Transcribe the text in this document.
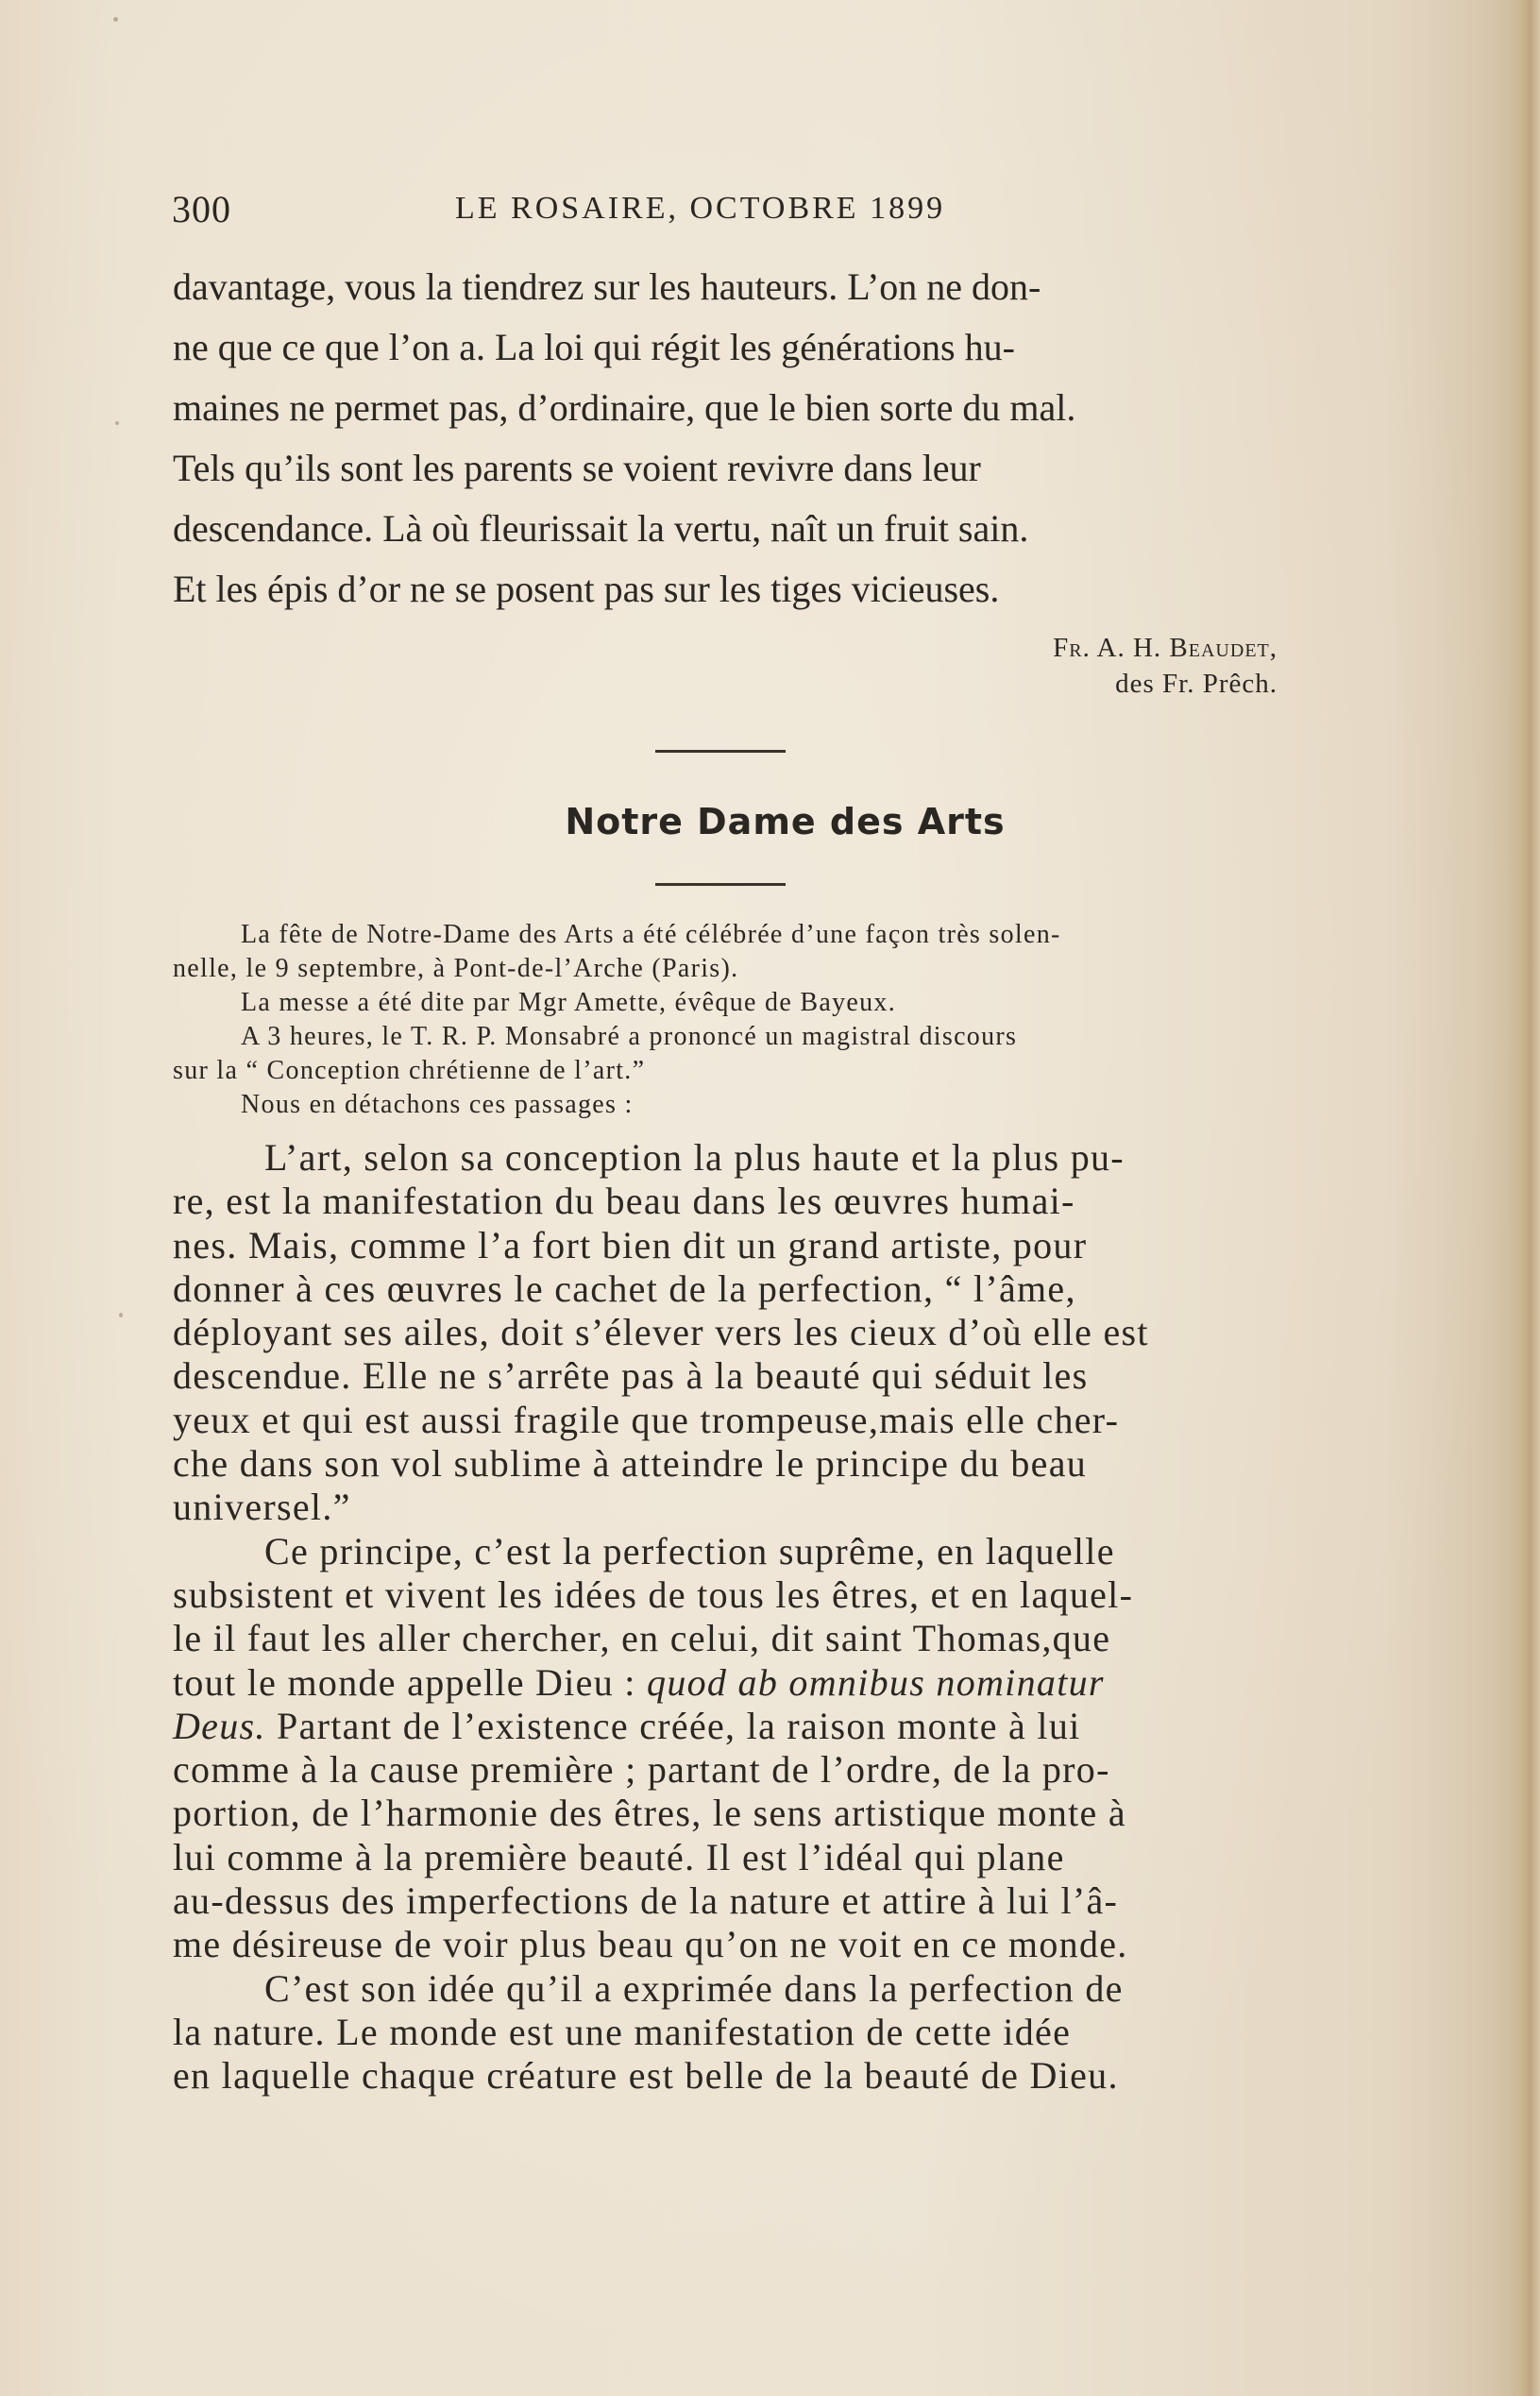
300	LE ROSAIRE, OCTOBRE 1899

davantage, vous la tiendrez sur les hauteurs. L’on ne don-

ne que ce que l’on a. La loi qui régit les générations hu-

maines ne permet pas, d’ordinaire, que le bien sorte du mal.

Tels qu’ils sont les parents se voient revivre dans leur

descendance. Là où fleurissait la vertu, naît un fruit sain.

Et les épis d’or ne se posent pas sur les tiges vicieuses.

Fr. A. H. Beaudet,
des Fr. Prêch.
Notre Dame des Arts

La fête de Notre-Dame des Arts a été célébrée d’une façon très solen-

nelle, le 9 septembre, à Pont-de-l’Arche (Paris).

La messe a été dite par Mgr Amette, évêque de Bayeux.

A 3 heures, le T. R. P. Monsabré a prononcé un magistral discours

sur la “ Conception chrétienne de l’art.”

Nous en détachons ces passages :

L’art, selon sa conception la plus haute et la plus pu-

re, est la manifestation du beau dans les œuvres humai-

nes. Mais, comme l’a fort bien dit un grand artiste, pour

donner à ces œuvres le cachet de la perfection, “ l’âme,

déployant ses ailes, doit s’élever vers les cieux d’où elle est

descendue. Elle ne s’arrête pas à la beauté qui séduit les

yeux et qui est aussi fragile que trompeuse,mais elle cher-

che dans son vol sublime à atteindre le principe du beau

universel.”

Ce principe, c’est la perfection suprême, en laquelle

subsistent et vivent les idées de tous les êtres, et en laquel-

le il faut les aller chercher, en celui, dit saint Thomas,que

tout le monde appelle Dieu : quod ab omnibus nominatur

Deus. Partant de l’existence créée, la raison monte à lui

comme à la cause première ; partant de l’ordre, de la pro-

portion, de l’harmonie des êtres, le sens artistique monte à

lui comme à la première beauté. Il est l’idéal qui plane

au-dessus des imperfections de la nature et attire à lui l’â-

me désireuse de voir plus beau qu’on ne voit en ce monde.

C’est son idée qu’il a exprimée dans la perfection de

la nature. Le monde est une manifestation de cette idée

en laquelle chaque créature est belle de la beauté de Dieu.
